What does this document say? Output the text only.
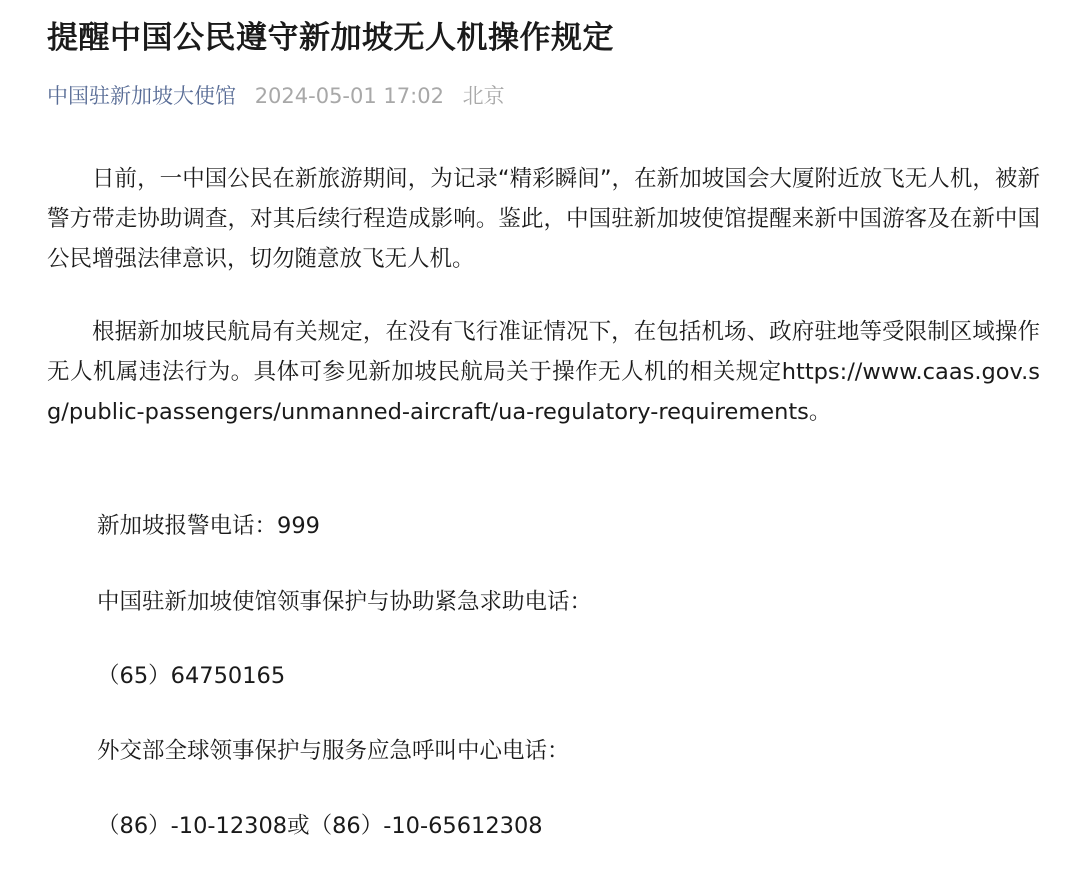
提醒中国公民遵守新加坡无人机操作规定
中国驻新加坡大使馆 2024-05-01 17:02 北京

日前，一中国公民在新旅游期间，为记录“精彩瞬间”，在新加坡国会大厦附近放飞无人机，被新警方带走协助调查，对其后续行程造成影响。鉴此，中国驻新加坡使馆提醒来新中国游客及在新中国公民增强法律意识，切勿随意放飞无人机。

根据新加坡民航局有关规定，在没有飞行准证情况下，在包括机场、政府驻地等受限制区域操作无人机属违法行为。具体可参见新加坡民航局关于操作无人机的相关规定https://www.caas.gov.sg/public-passengers/unmanned-aircraft/ua-regulatory-requirements。

新加坡报警电话：999
中国驻新加坡使馆领事保护与协助紧急求助电话：
（65）64750165
外交部全球领事保护与服务应急呼叫中心电话：
（86）-10-12308或（86）-10-65612308
